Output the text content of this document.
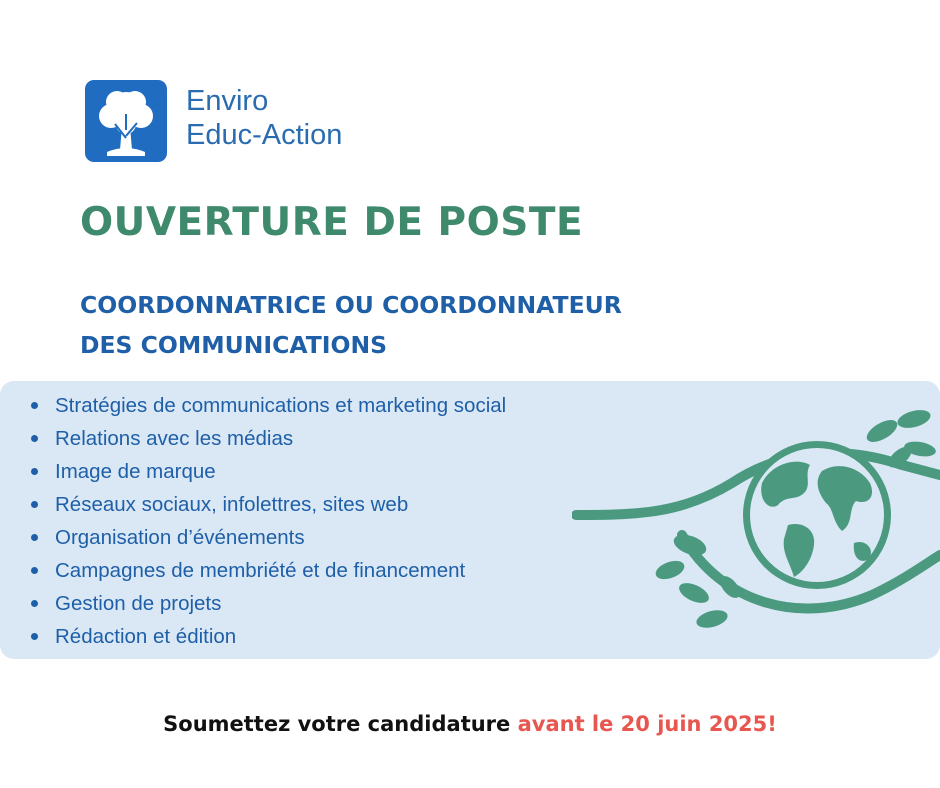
Enviro
Educ-Action
OUVERTURE DE POSTE
COORDONNATRICE OU COORDONNATEUR
DES COMMUNICATIONS
Stratégies de communications et marketing social
Relations avec les médias
Image de marque
Réseaux sociaux, infolettres, sites web
Organisation d’événements
Campagnes de membriété et de financement
Gestion de projets
Rédaction et édition

Soumettez votre candidature avant le 20 juin 2025!
